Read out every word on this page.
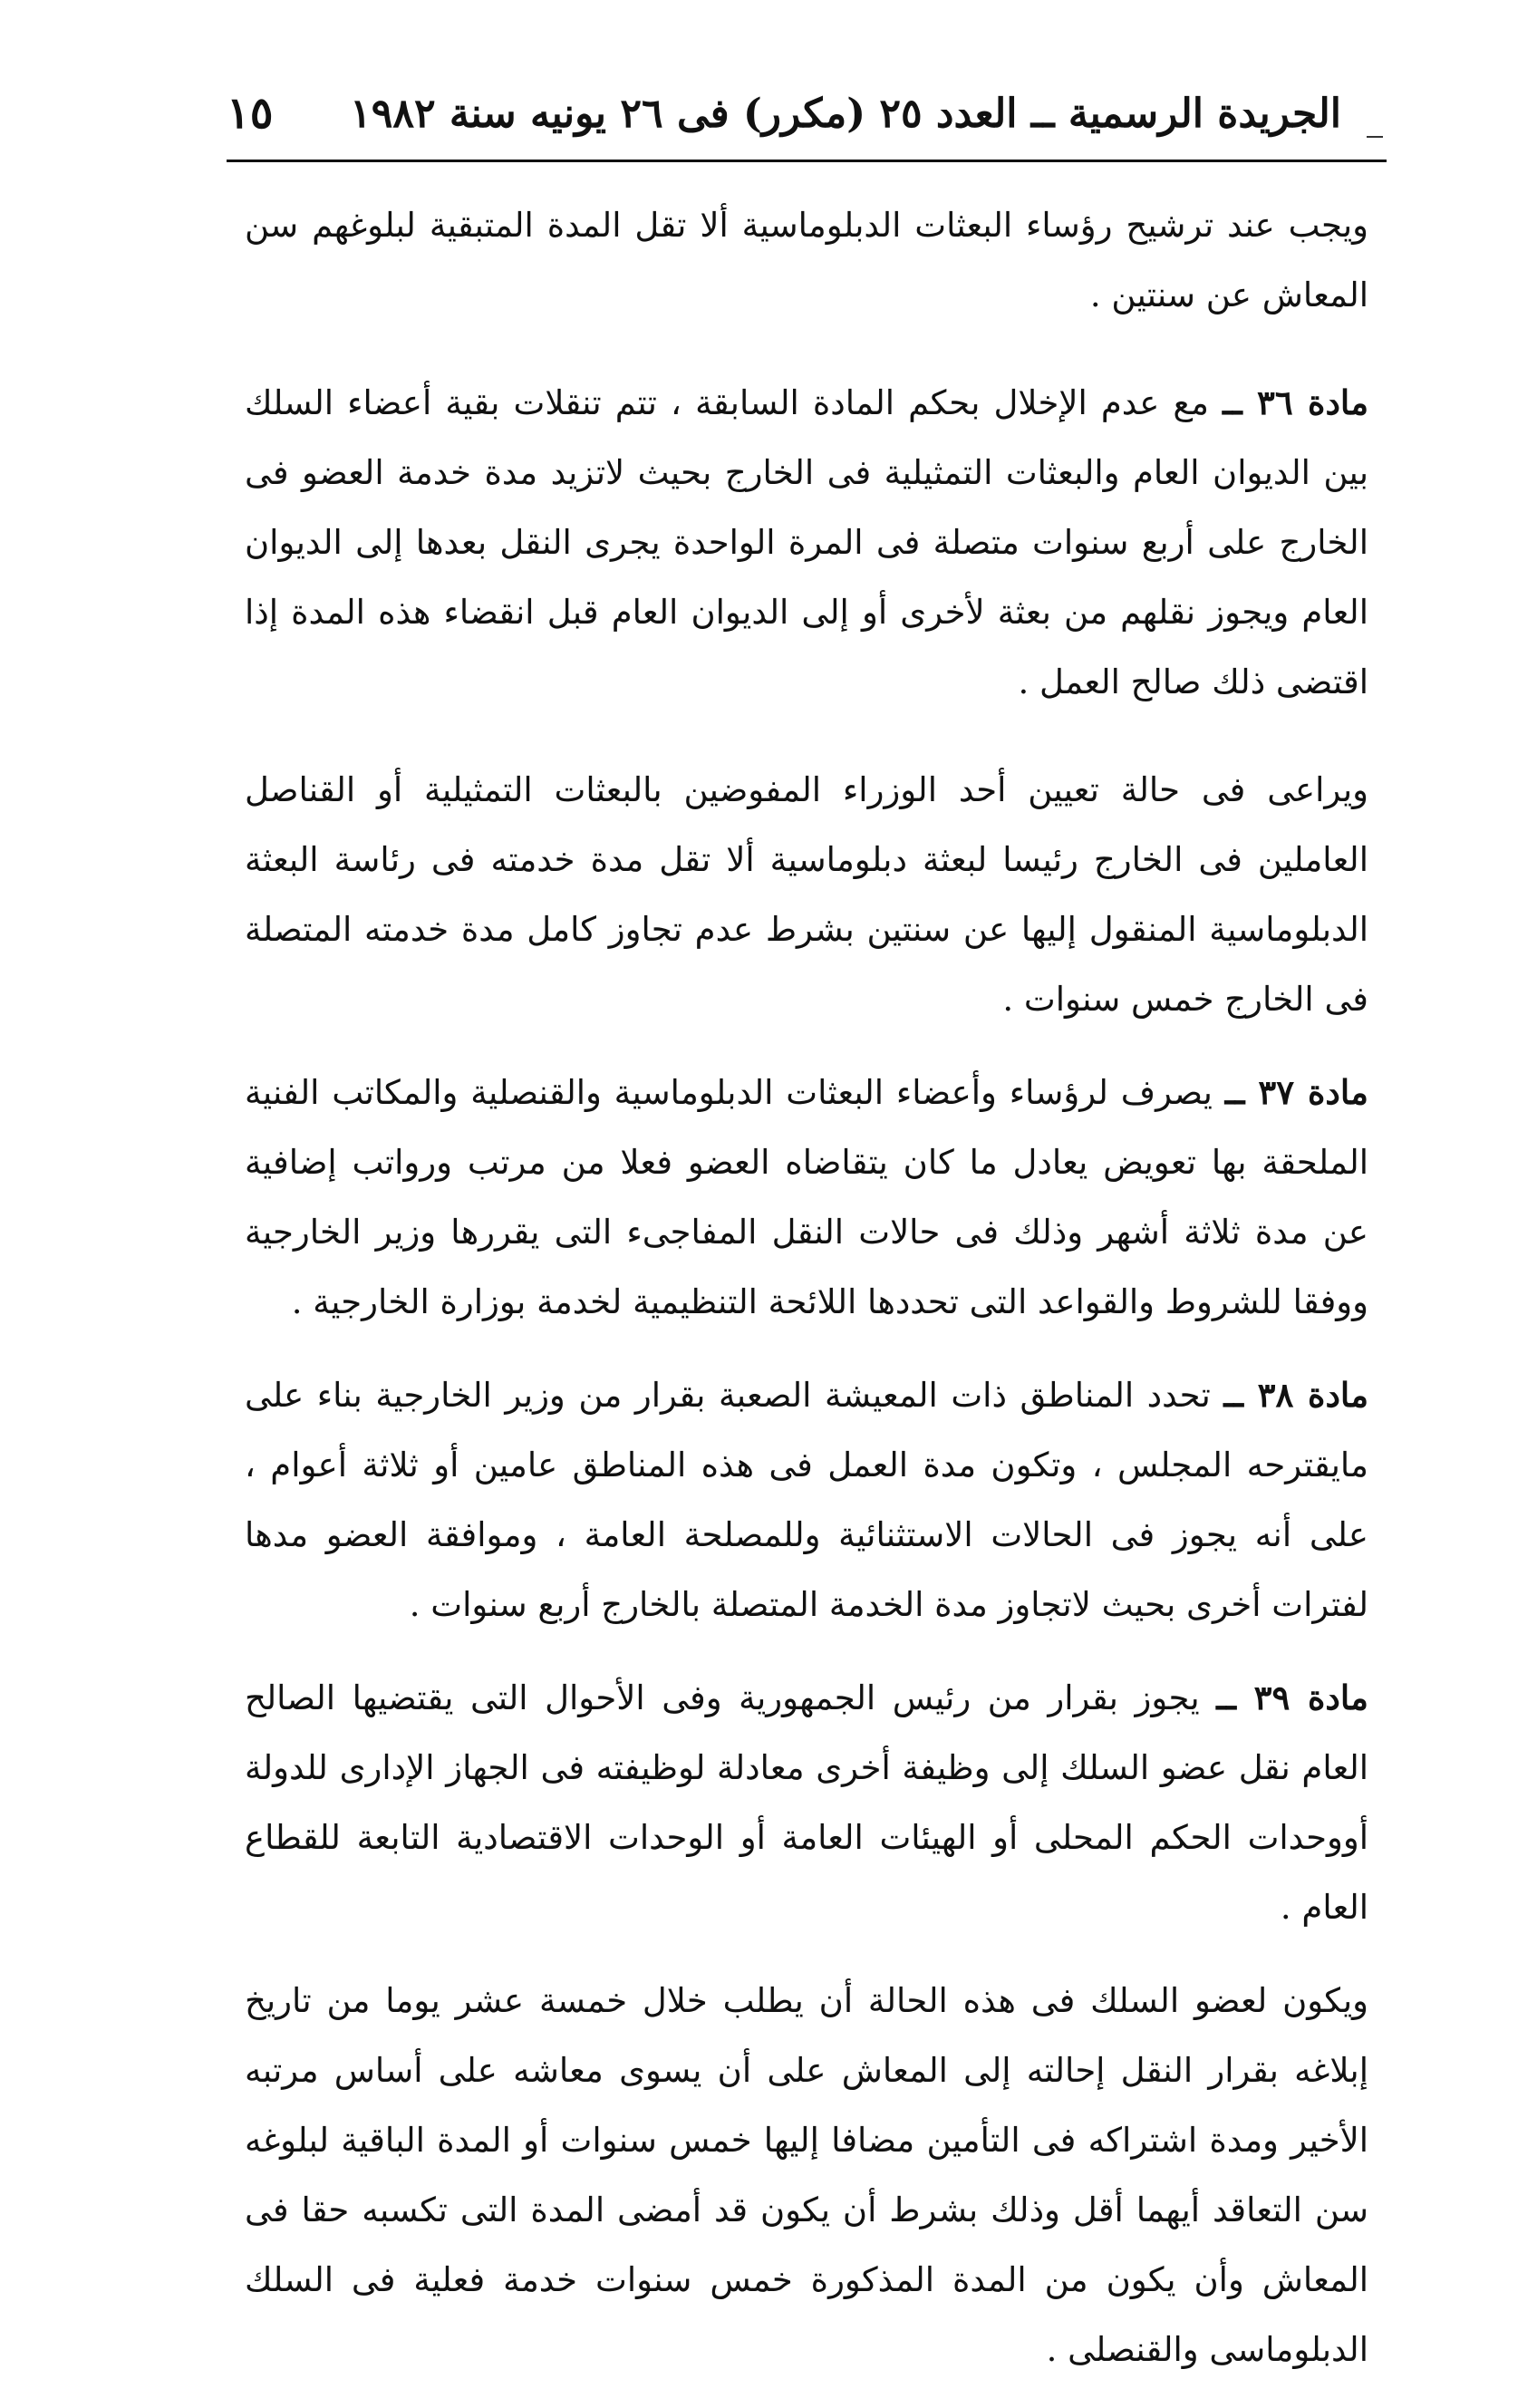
الجريدة الرسمية ــ العدد ٢٥ (مكرر) فى ٢٦ يونيه سنة ١٩٨٢
١٥

ويجب عند ترشيح رؤساء البعثات الدبلوماسية ألا تقل المدة المتبقية لبلوغهم سن المعاش عن سنتين .

مادة ٣٦ ــ مع عدم الإخلال بحكم المادة السابقة ، تتم تنقلات بقية أعضاء السلك بين الديوان العام والبعثات التمثيلية فى الخارج بحيث لاتزيد مدة خدمة العضو فى الخارج على أربع سنوات متصلة فى المرة الواحدة يجرى النقل بعدها إلى الديوان العام ويجوز نقلهم من بعثة لأخرى أو إلى الديوان العام قبل انقضاء هذه المدة إذا اقتضى ذلك صالح العمل .

ويراعى فى حالة تعيين أحد الوزراء المفوضين بالبعثات التمثيلية أو القناصل العاملين فى الخارج رئيسا لبعثة دبلوماسية ألا تقل مدة خدمته فى رئاسة البعثة الدبلوماسية المنقول إليها عن سنتين بشرط عدم تجاوز كامل مدة خدمته المتصلة فى الخارج خمس سنوات .

مادة ٣٧ ــ يصرف لرؤساء وأعضاء البعثات الدبلوماسية والقنصلية والمكاتب الفنية الملحقة بها تعويض يعادل ما كان يتقاضاه العضو فعلا من مرتب ورواتب إضافية عن مدة ثلاثة أشهر وذلك فى حالات النقل المفاجىء التى يقررها وزير الخارجية ووفقا للشروط والقواعد التى تحددها اللائحة التنظيمية لخدمة بوزارة الخارجية .

مادة ٣٨ ــ تحدد المناطق ذات المعيشة الصعبة بقرار من وزير الخارجية بناء على مايقترحه المجلس ، وتكون مدة العمل فى هذه المناطق عامين أو ثلاثة أعوام ، على أنه يجوز فى الحالات الاستثنائية وللمصلحة العامة ، وموافقة العضو مدها لفترات أخرى بحيث لاتجاوز مدة الخدمة المتصلة بالخارج أربع سنوات .

مادة ٣٩ ــ يجوز بقرار من رئيس الجمهورية وفى الأحوال التى يقتضيها الصالح العام نقل عضو السلك إلى وظيفة أخرى معادلة لوظيفته فى الجهاز الإدارى للدولة أووحدات الحكم المحلى أو الهيئات العامة أو الوحدات الاقتصادية التابعة للقطاع العام .

ويكون لعضو السلك فى هذه الحالة أن يطلب خلال خمسة عشر يوما من تاريخ إبلاغه بقرار النقل إحالته إلى المعاش على أن يسوى معاشه على أساس مرتبه الأخير ومدة اشتراكه فى التأمين مضافا إليها خمس سنوات أو المدة الباقية لبلوغه سن التعاقد أيهما أقل وذلك بشرط أن يكون قد أمضى المدة التى تكسبه حقا فى المعاش وأن يكون من المدة المذكورة خمس سنوات خدمة فعلية فى السلك الدبلوماسى والقنصلى .
